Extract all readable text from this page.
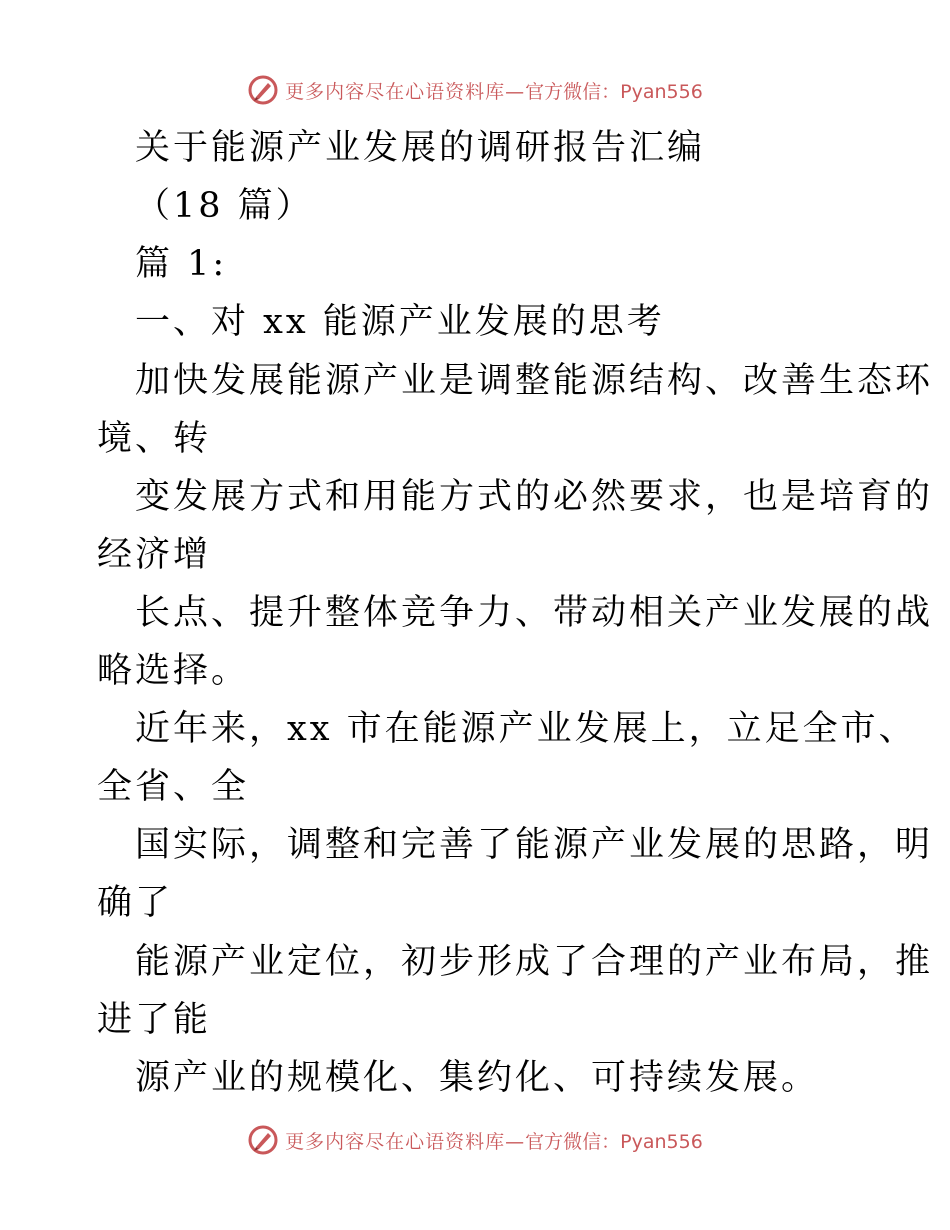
更多内容尽在心语资料库—官方微信：Pyan556
关于能源产业发展的调研报告汇编
（18 篇）
篇 1:
一、对 xx 能源产业发展的思考
加快发展能源产业是调整能源结构、改善生态环
境、转
变发展方式和用能方式的必然要求，也是培育的
经济增
长点、提升整体竞争力、带动相关产业发展的战
略选择。
近年来，xx 市在能源产业发展上，立足全市、
全省、全
国实际，调整和完善了能源产业发展的思路，明
确了
能源产业定位，初步形成了合理的产业布局，推
进了能
源产业的规模化、集约化、可持续发展。
更多内容尽在心语资料库—官方微信：Pyan556
